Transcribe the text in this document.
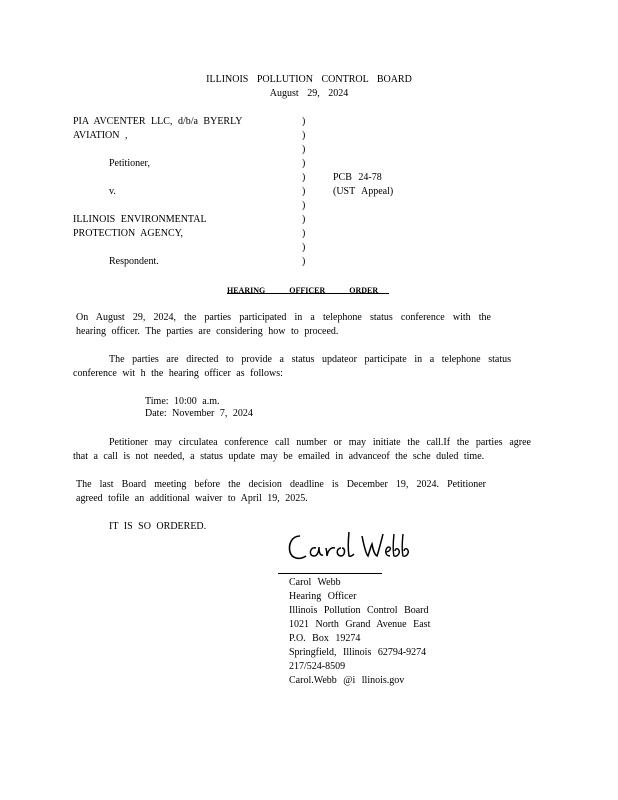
ILLINOIS POLLUTION CONTROL BOARD
August 29, 2024
PIA AVCENTER LLC, d/b/a BYERLY
AVIATION ,
Petitioner,
v.
ILLINOIS ENVIRONMENTAL
PROTECTION AGENCY,
Respondent.
)
)
)
)
)
)
)
)
)
)
)
PCB 24-78
(UST Appeal)
HEARING OFFICER ORDER
On August 29, 2024, the parties participated in a telephone status conference with the hearing officer. The parties are considering how to proceed.
The parties are directed to provide a status updateor participate in a telephone status conference wit h the hearing officer as follows:
Time: 10:00 a.m.
Date: November 7, 2024
Petitioner may circulatea conference call number or may initiate the call.If the parties agree that a call is not needed, a status update may be emailed in advanceof the sche duled time.
The last Board meeting before the decision deadline is December 19, 2024. Petitioner agreed tofile an additional waiver to April 19, 2025.
IT IS SO ORDERED.
Carol Webb
Hearing Officer
Illinois Pollution Control Board
1021 North Grand Avenue East
P.O. Box 19274
Springfield, Illinois 62794-9274
217/524-8509
Carol.Webb @i llinois.gov
